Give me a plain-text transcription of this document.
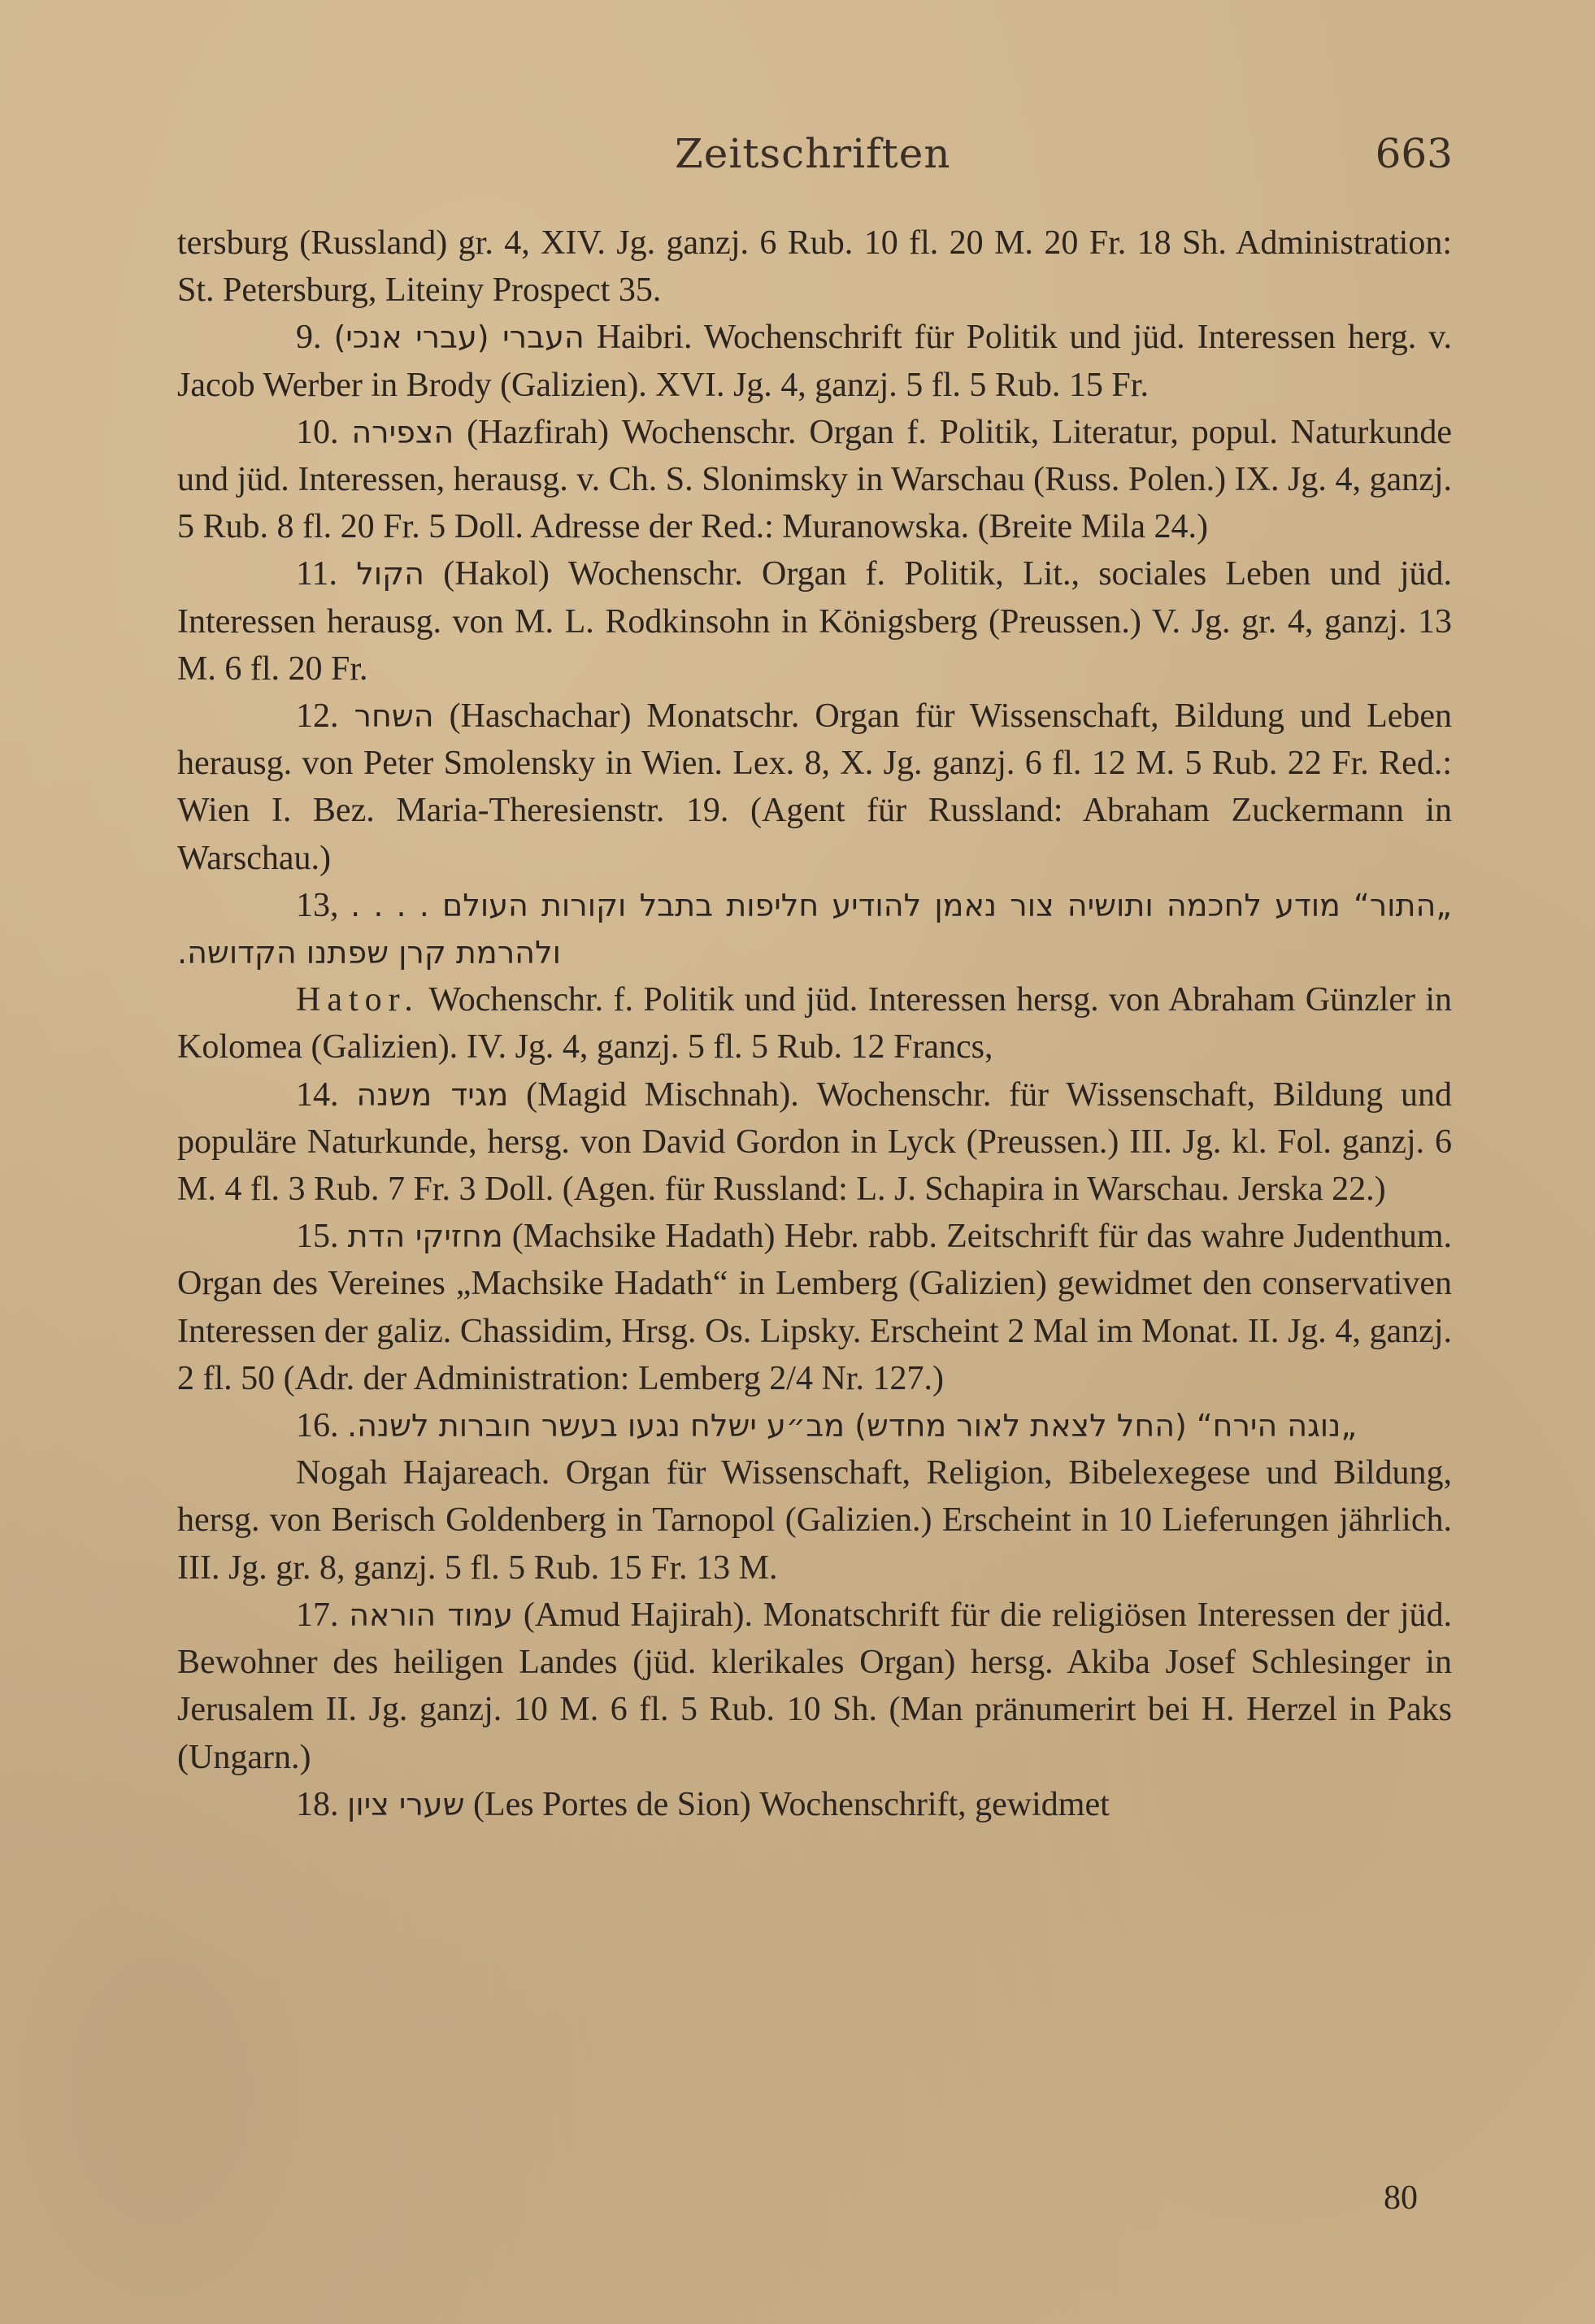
Zeitschriften	663

tersburg (Russland) gr. 4, XIV. Jg. ganzj. 6 Rub. 10 fl. 20 M. 20 Fr. 18 Sh. Administration: St. Petersburg, Liteiny Prospect 35.

9. העברי (עברי אנכי) Haibri. Wochenschrift für Politik und jüd. Interessen herg. v. Jacob Werber in Brody (Galizien). XVI. Jg. 4, ganzj. 5 fl. 5 Rub. 15 Fr.

10. הצפירה (Hazfirah) Wochenschr. Organ f. Politik, Literatur, popul. Naturkunde und jüd. Interessen, herausg. v. Ch. S. Slonimsky in Warschau (Russ. Polen.) IX. Jg. 4, ganzj. 5 Rub. 8 fl. 20 Fr. 5 Doll. Adresse der Red.: Muranowska. (Breite Mila 24.)

11. הקול (Hakol) Wochenschr. Organ f. Politik, Lit., sociales Leben und jüd. Interessen herausg. von M. L. Rodkinsohn in Königsberg (Preussen.) V. Jg. gr. 4, ganzj. 13 M. 6 fl. 20 Fr.

12. השחר (Haschachar) Monatschr. Organ für Wissenschaft, Bildung und Leben herausg. von Peter Smolensky in Wien. Lex. 8, X. Jg. ganzj. 6 fl. 12 M. 5 Rub. 22 Fr. Red.: Wien I. Bez. Maria-Theresienstr. 19. (Agent für Russland: Abraham Zuckermann in Warschau.)

13, „התור“ מודע לחכמה ותושיה צור נאמן להודיע חליפות בתבל וקורות העולם . . . . ולהרמת קרן שפתנו הקדושה.

Hator. Wochenschr. f. Politik und jüd. Interessen hersg. von Abraham Günzler in Kolomea (Galizien). IV. Jg. 4, ganzj. 5 fl. 5 Rub. 12 Francs,

14. מגיד משנה (Magid Mischnah). Wochenschr. für Wissenschaft, Bildung und populäre Naturkunde, hersg. von David Gordon in Lyck (Preussen.) III. Jg. kl. Fol. ganzj. 6 M. 4 fl. 3 Rub. 7 Fr. 3 Doll. (Agen. für Russland: L. J. Schapira in Warschau. Jerska 22.)

15. מחזיקי הדת (Machsike Hadath) Hebr. rabb. Zeitschrift für das wahre Judenthum. Organ des Vereines „Machsike Hadath“ in Lemberg (Galizien) gewidmet den conservativen Interessen der galiz. Chassidim, Hrsg. Os. Lipsky. Erscheint 2 Mal im Monat. II. Jg. 4, ganzj. 2 fl. 50 (Adr. der Administration: Lemberg 2/4 Nr. 127.)

16. „נוגה הירח“ (החל לצאת לאור מחדש) מב״ע ישלח נגעו בעשר חוברות לשנה.

Nogah Hajareach. Organ für Wissenschaft, Religion, Bibelexegese und Bildung, hersg. von Berisch Goldenberg in Tarnopol (Galizien.) Erscheint in 10 Lieferungen jährlich. III. Jg. gr. 8, ganzj. 5 fl. 5 Rub. 15 Fr. 13 M.

17. עמוד הוראה (Amud Hajirah). Monatschrift für die religiösen Interessen der jüd. Bewohner des heiligen Landes (jüd. klerikales Organ) hersg. Akiba Josef Schlesinger in Jerusalem II. Jg. ganzj. 10 M. 6 fl. 5 Rub. 10 Sh. (Man pränumerirt bei H. Herzel in Paks (Ungarn.)

18. שערי ציון (Les Portes de Sion) Wochenschrift, gewidmet

80
